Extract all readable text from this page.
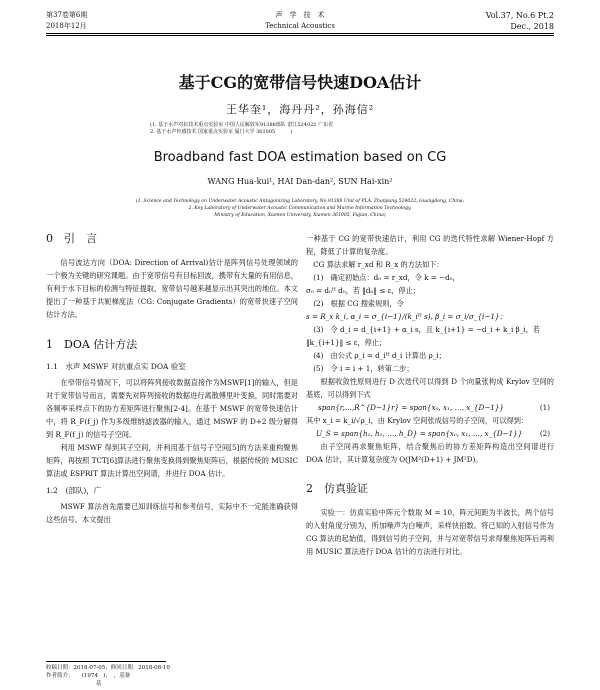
第37卷第6期	声　学　技　术	Vol.37, No.6 Pt.2
2018年12月	Technical Acoustics	Dec., 2018
基于CG的宽带信号快速DOA估计
王华奎¹，海丹丹²，孙海信²
(1. 基于水声对抗技术重点实验室 中国人民解放军91388部队 湛江524022 广东省
2. 基于水声传感技术 国家重点实验室 厦门大学 361005　　　)
Broadband fast DOA estimation based on CG
WANG Hua-kui¹, HAI Dan-dan², SUN Hai-xin²
(1. Science and Technology on Underwater Acoustic Antagonizing Laboratory, No.91388 Unit of PLA, Zhanjiang 524022, Guangdong, China;
2. Key Laboratory of Underwater Acoustic Communication and Marine Information Technology,
Ministry of Education, Xiamen University, Xiamen 361005, Fujian, China)
0　引　言

信号波达方向（DOA: Direction of Arrival)估计是阵列信号处理领域的一个极为关键的研究课题。由于宽带信号有目标回波，携带有大量的有用信息，有利于水下目标的检测与特征提取，宽带信号越来越显示出其突出的地位。本文提出了一种基于共轭梯度法（CG: Conjugate Gradients）的宽带快速子空间估计方法。

1　DOA 估计方法
1.1　水声 MSWF 对抗重点实 DOA 验室

在窄带信号情况下，可以将阵列接收数据直接作为MSWF[1]的输入，但是对于宽带信号而言，需要先对阵列接收的数据进行离散傅里叶变换，同时需要对各频率采样点下的协方差矩阵进行聚焦[2-4]。在基于 MSWF 的宽带快速估计中，将 R_F(f_j) 作为多级维纳滤波器的输入，通过 MSWF 的 D+2 级分解得到 R_F(f_j) 的信号子空间。

利用 MSWF 得到其子空间，并利用基于信号子空间[5]的方法来重构聚焦矩阵，再按照 TCT[6]算法进行聚焦变换得到聚焦矩阵后，根据传统的 MUSIC 算法或 ESPRIT 算法计算出空间谱，并进行 DOA 估计。

1.2　(部队)，广

MSWF 算法首先需要已知训练信号和参考信号，实际中不一定能准确获得这些信号。本文提出

一种基于 CG 的宽带快速估计，利用 CG 的迭代特性求解 Wiener-Hopf 方程，降低了计算的复杂度。

CG 算法求解 r_xd 和 R_x 的方法如下：

(1)　确定初始点：d₀ = r_xd，令 k = −d₀，

σ₀ = d₀ᴴ d₀，若 ‖d₀‖ ≤ ε，停止；

(2)　根据 CG 搜索规则，令

s = R_x k_i, α_i = σ_{i−1}/(k_iᴴ s), β_i = σ_i/σ_{i−1}；

(3)　令 d_i = d_{i+1} + α_i s，且 k_{i+1} = −d_i + k_i β_i，若

‖k_{i+1}‖ ≤ ε，停止；

(4)　由公式 ρ_i = d_iᴴ d_i 计算出 ρ_i；

(5)　令 i = i + 1，转第二步；

根据收敛性原则进行 D 次迭代可以得到 D 个向量张构成 Krylov 空间的基底，可以得到下式

span{r,…,R^{D−1}r} = span{x₀, x₁, …, x_{D−1}}	(1)

其中 x_i = k_i/√ρ_i，由 Krylov 空间张成信号的子空间，可以得到：

U_S = span{h₁, h₁, …, h_D} = span{x₀, x₁, …, x_{D−1}} (2)

由子空间再求聚焦矩阵，结合聚焦后的协方差矩阵构造出空间谱进行 DOA 估计，其计算复杂度为 O(JM²(D+1) + JM²D)。

2　仿真验证

实验一：仿真实验中阵元个数取 M = 10，阵元间距为半波长，两个信号的入射角度分别为，所加噪声为白噪声，采样快拍数。将已知的入射信号作为 CG 算法的起始值，得到信号的子空间，并与对宽带信号求得聚焦矩阵后再利用 MUSIC 算法进行 DOA 估计的方法进行对比。

收稿日期：2018-07-05；修回日期：2018-08-10
作者简介：　　(1974　)，　，基备
基
